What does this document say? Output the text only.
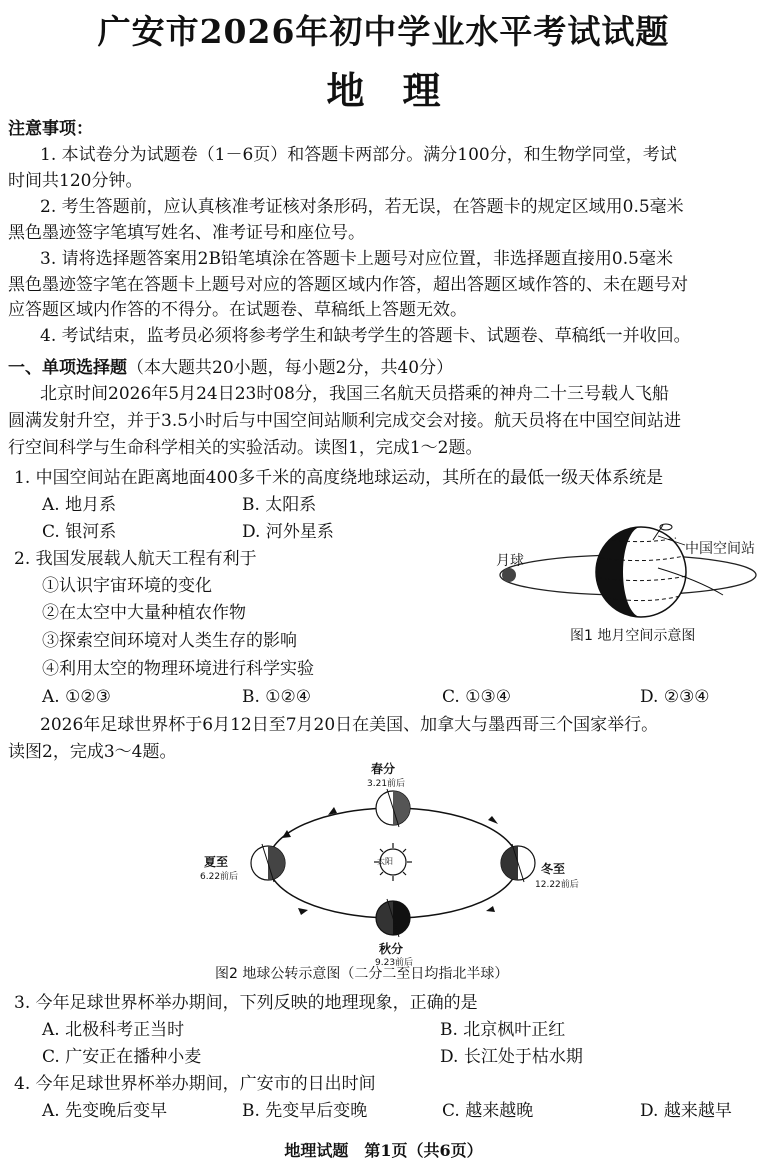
广安市2026年初中学业水平考试试题
地　理
注意事项：
1. 本试卷分为试题卷（1－6页）和答题卡两部分。满分100分，和生物学同堂，考试
时间共120分钟。
2. 考生答题前，应认真核准考证核对条形码，若无误，在答题卡的规定区域用0.5毫米
黑色墨迹签字笔填写姓名、准考证号和座位号。
3. 请将选择题答案用2B铅笔填涂在答题卡上题号对应位置，非选择题直接用0.5毫米
黑色墨迹签字笔在答题卡上题号对应的答题区域内作答，超出答题区域作答的、未在题号对
应答题区域内作答的不得分。在试题卷、草稿纸上答题无效。
4. 考试结束，监考员必须将参考学生和缺考学生的答题卡、试题卷、草稿纸一并收回。
一、单项选择题（本大题共20小题，每小题2分，共40分）
北京时间2026年5月24日23时08分，我国三名航天员搭乘的神舟二十三号载人飞船
圆满发射升空，并于3.5小时后与中国空间站顺利完成交会对接。航天员将在中国空间站进
行空间科学与生命科学相关的实验活动。读图1，完成1～2题。
1. 中国空间站在距离地面400多千米的高度绕地球运动，其所在的最低一级天体系统是
A. 地月系	B. 太阳系
C. 银河系	D. 河外星系
2. 我国发展载人航天工程有利于
①认识宇宙环境的变化
②在太空中大量种植农作物
③探索空间环境对人类生存的影响
④利用太空的物理环境进行科学实验
A. ①②③	B. ①②④	C. ①③④	D. ②③④
月球
中国空间站
图1 地月空间示意图
2026年足球世界杯于6月12日至7月20日在美国、加拿大与墨西哥三个国家举行。
读图2，完成3～4题。
春分
3.21前后
夏至
6.22前后
冬至
12.22前后
太阳
秋分
9.23前后
图2 地球公转示意图（二分二至日均指北半球）
3. 今年足球世界杯举办期间，下列反映的地理现象，正确的是
A. 北极科考正当时	B. 北京枫叶正红
C. 广安正在播种小麦	D. 长江处于枯水期
4. 今年足球世界杯举办期间，广安市的日出时间
A. 先变晚后变早	B. 先变早后变晚	C. 越来越晚	D. 越来越早
地理试题　第1页（共6页）
